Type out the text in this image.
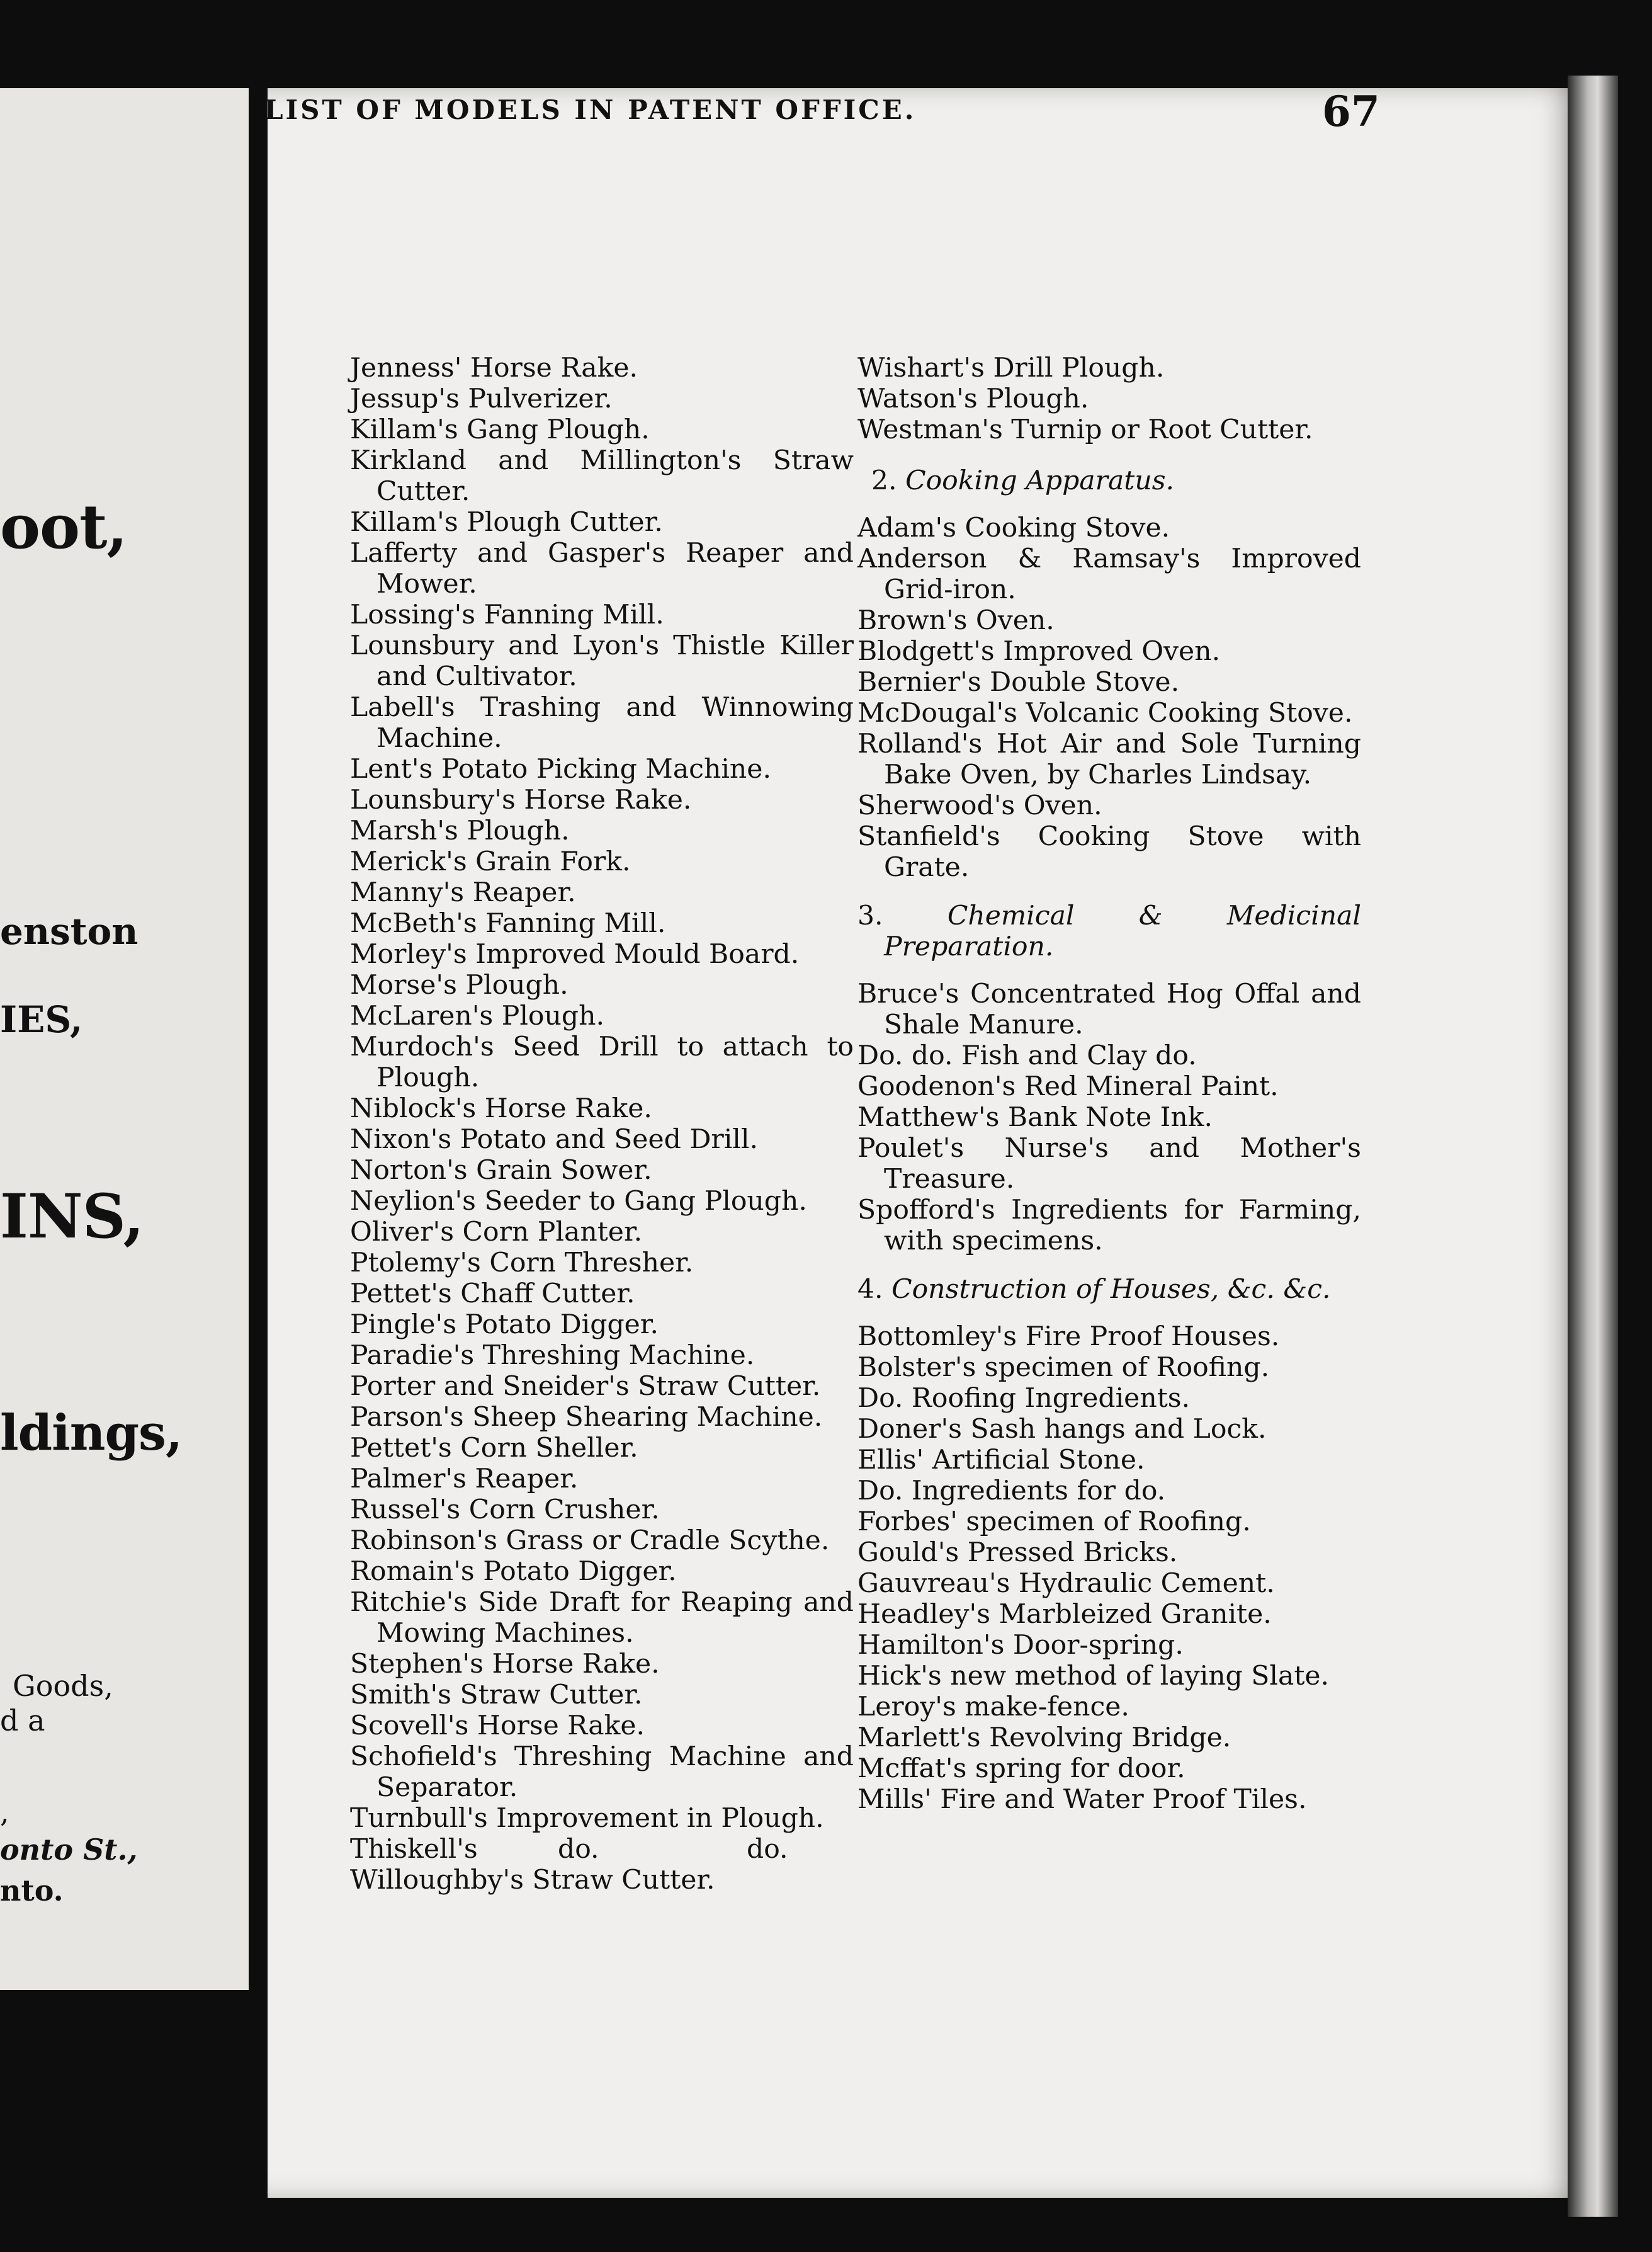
oot,
enston
IES,
INS,
ldings,
Goods,
d a
,
onto St.,
nto.
LIST OF MODELS IN PATENT OFFICE.	67
Jenness' Horse Rake.
Jessup's Pulverizer.
Killam's Gang Plough.
Kirkland and Millington's Straw Cutter.
Killam's Plough Cutter.
Lafferty and Gasper's Reaper and Mower.
Lossing's Fanning Mill.
Lounsbury and Lyon's Thistle Killer and Cultivator.
Labell's Trashing and Winnowing Machine.
Lent's Potato Picking Machine.
Lounsbury's Horse Rake.
Marsh's Plough.
Merick's Grain Fork.
Manny's Reaper.
McBeth's Fanning Mill.
Morley's Improved Mould Board.
Morse's Plough.
McLaren's Plough.
Murdoch's Seed Drill to attach to Plough.
Niblock's Horse Rake.
Nixon's Potato and Seed Drill.
Norton's Grain Sower.
Neylion's Seeder to Gang Plough.
Oliver's Corn Planter.
Ptolemy's Corn Thresher.
Pettet's Chaff Cutter.
Pingle's Potato Digger.
Paradie's Threshing Machine.
Porter and Sneider's Straw Cutter.
Parson's Sheep Shearing Machine.
Pettet's Corn Sheller.
Palmer's Reaper.
Russel's Corn Crusher.
Robinson's Grass or Cradle Scythe.
Romain's Potato Digger.
Ritchie's Side Draft for Reaping and Mowing Machines.
Stephen's Horse Rake.
Smith's Straw Cutter.
Scovell's Horse Rake.
Schofield's Threshing Machine and Separator.
Turnbull's Improvement in Plough.
Thiskell's	do.	do.
Willoughby's Straw Cutter.
Wishart's Drill Plough.
Watson's Plough.
Westman's Turnip or Root Cutter.
2. Cooking Apparatus.
Adam's Cooking Stove.
Anderson & Ramsay's Improved Grid-iron.
Brown's Oven.
Blodgett's Improved Oven.
Bernier's Double Stove.
McDougal's Volcanic Cooking Stove.
Rolland's Hot Air and Sole Turning Bake Oven, by Charles Lindsay.
Sherwood's Oven.
Stanfield's Cooking Stove with Grate.
3. Chemical & Medicinal Preparation.
Bruce's Concentrated Hog Offal and Shale Manure.
Do. do. Fish and Clay do.
Goodenon's Red Mineral Paint.
Matthew's Bank Note Ink.
Poulet's Nurse's and Mother's Treasure.
Spofford's Ingredients for Farming, with specimens.
4. Construction of Houses, &c. &c.
Bottomley's Fire Proof Houses.
Bolster's specimen of Roofing.
Do. Roofing Ingredients.
Doner's Sash hangs and Lock.
Ellis' Artificial Stone.
Do. Ingredients for do.
Forbes' specimen of Roofing.
Gould's Pressed Bricks.
Gauvreau's Hydraulic Cement.
Headley's Marbleized Granite.
Hamilton's Door-spring.
Hick's new method of laying Slate.
Leroy's make-fence.
Marlett's Revolving Bridge.
Mcffat's spring for door.
Mills' Fire and Water Proof Tiles.
